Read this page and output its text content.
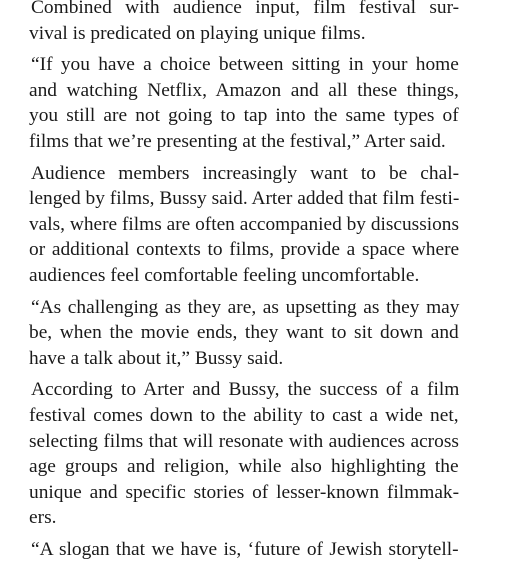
Combined with audience input, film festival sur-
vival is predicated on playing unique films.

“If you have a choice between sitting in your home
and watching Netflix, Amazon and all these things,
you still are not going to tap into the same types of
films that we’re presenting at the festival,” Arter said.

Audience members increasingly want to be chal-
lenged by films, Bussy said. Arter added that film festi-
vals, where films are often accompanied by discussions
or additional contexts to films, provide a space where
audiences feel comfortable feeling uncomfortable.

“As challenging as they are, as upsetting as they may
be, when the movie ends, they want to sit down and
have a talk about it,” Bussy said.

According to Arter and Bussy, the success of a film
festival comes down to the ability to cast a wide net,
selecting films that will resonate with audiences across
age groups and religion, while also highlighting the
unique and specific stories of lesser-known filmmak-
ers.

“A slogan that we have is, ‘future of Jewish storytell-
